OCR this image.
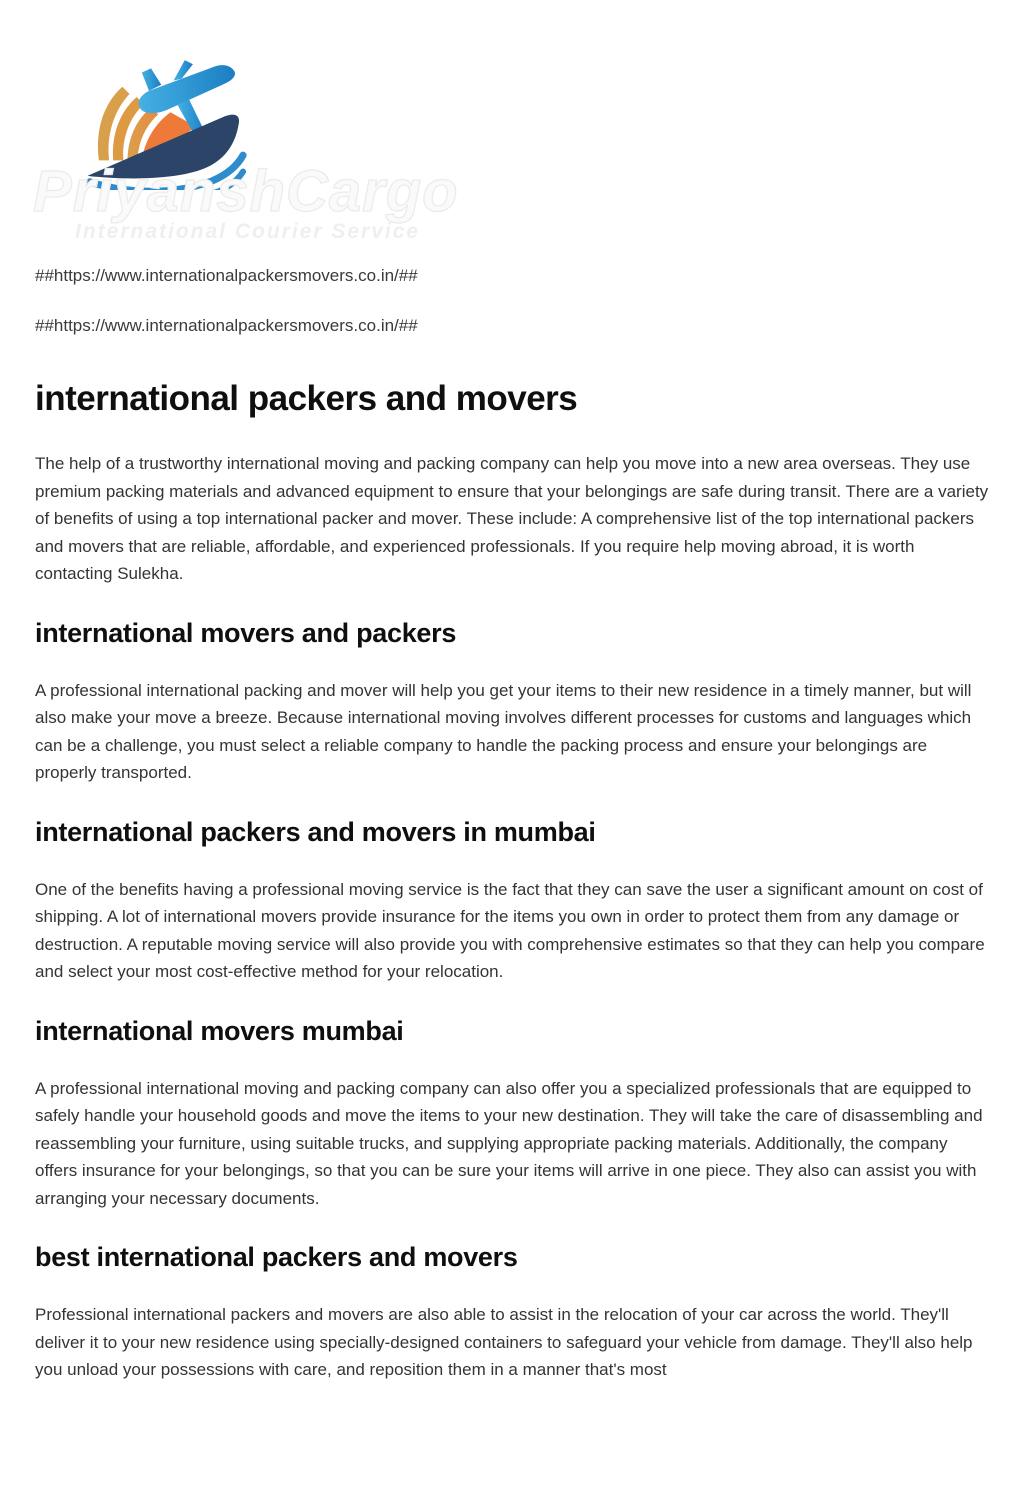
PriyanshCargo
International Courier Service

##https://www.internationalpackersmovers.co.in/##

##https://www.internationalpackersmovers.co.in/##

international packers and movers

The help of a trustworthy international moving and packing company can help you move into a new area overseas. They use premium packing materials and advanced equipment to ensure that your belongings are safe during transit. There are a variety of benefits of using a top international packer and mover. These include: A comprehensive list of the top international packers and movers that are reliable, affordable, and experienced professionals. If you require help moving abroad, it is worth contacting Sulekha.

international movers and packers

A professional international packing and mover will help you get your items to their new residence in a timely manner, but will also make your move a breeze. Because international moving involves different processes for customs and languages which can be a challenge, you must select a reliable company to handle the packing process and ensure your belongings are properly transported.

international packers and movers in mumbai

One of the benefits having a professional moving service is the fact that they can save the user a significant amount on cost of shipping. A lot of international movers provide insurance for the items you own in order to protect them from any damage or destruction. A reputable moving service will also provide you with comprehensive estimates so that they can help you compare and select your most cost-effective method for your relocation.

international movers mumbai

A professional international moving and packing company can also offer you a specialized professionals that are equipped to safely handle your household goods and move the items to your new destination. They will take the care of disassembling and reassembling your furniture, using suitable trucks, and supplying appropriate packing materials. Additionally, the company offers insurance for your belongings, so that you can be sure your items will arrive in one piece. They also can assist you with arranging your necessary documents.

best international packers and movers

Professional international packers and movers are also able to assist in the relocation of your car across the world. They'll deliver it to your new residence using specially-designed containers to safeguard your vehicle from damage. They'll also help you unload your possessions with care, and reposition them in a manner that's most
